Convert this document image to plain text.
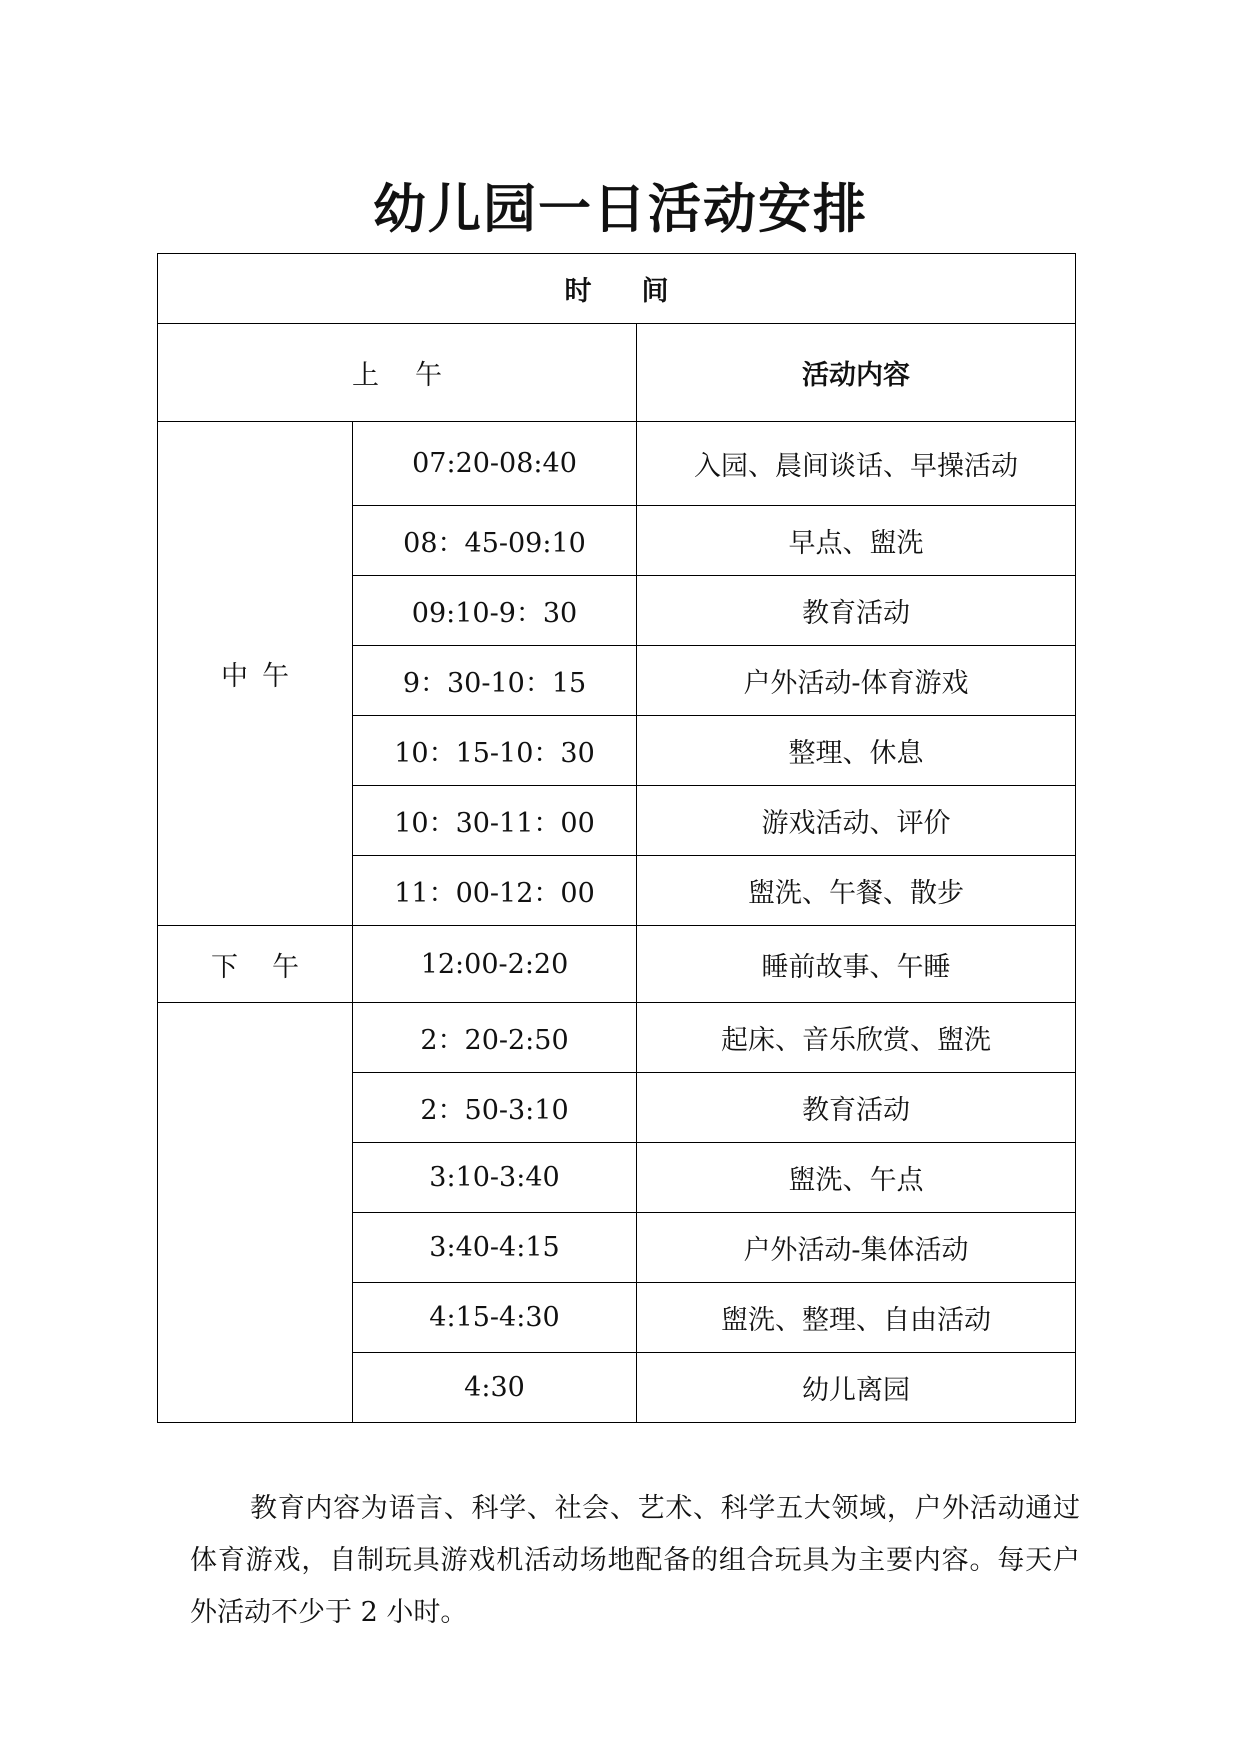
幼儿园一日活动安排
时间		
上午		活动内容
中午	07:20-08:40	入园、晨间谈话、早操活动
	08：45-09:10	早点、盥洗
	09:10-9：30	教育活动
	9：30-10：15	户外活动-体育游戏
	10：15-10：30	整理、休息
	10：30-11：00	游戏活动、评价
	11：00-12：00	盥洗、午餐、散步
下午	12:00-2:20	睡前故事、午睡
	2：20-2:50	起床、音乐欣赏、盥洗
	2：50-3:10	教育活动
	3:10-3:40	盥洗、午点
	3:40-4:15	户外活动-集体活动
	4:15-4:30	盥洗、整理、自由活动
	4:30	幼儿离园

教育内容为语言、科学、社会、艺术、科学五大领域，户外活动通过体育游戏，自制玩具游戏机活动场地配备的组合玩具为主要内容。每天户外活动不少于 2 小时。
